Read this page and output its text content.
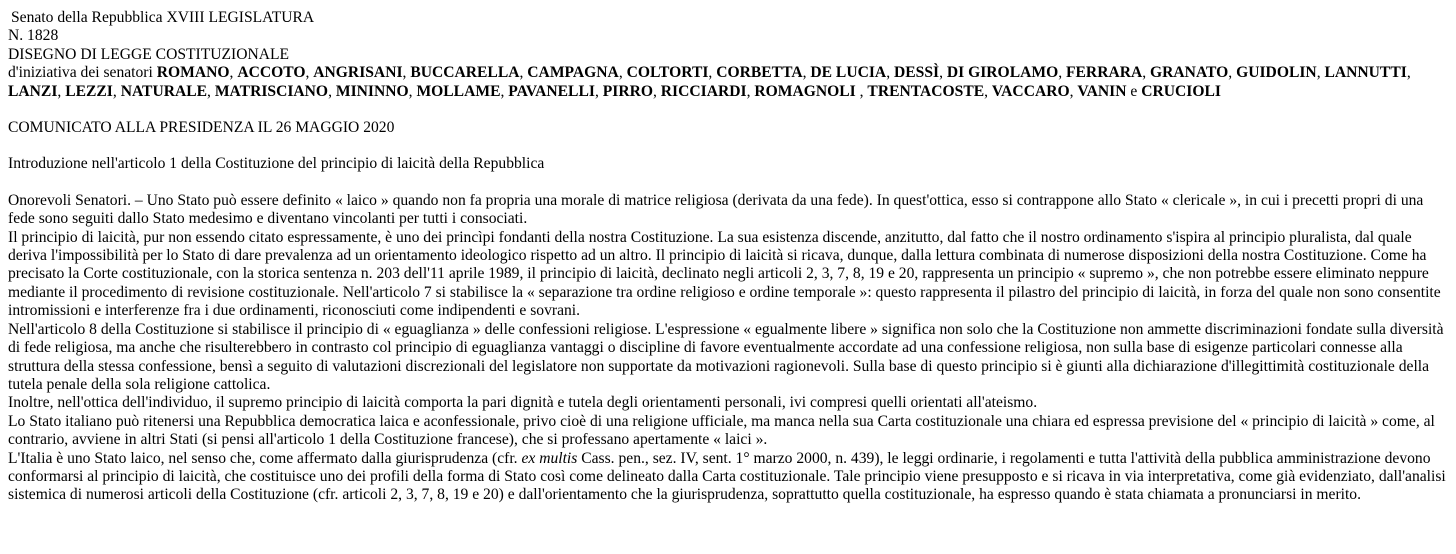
Senato della Repubblica XVIII LEGISLATURA
N. 1828
DISEGNO DI LEGGE COSTITUZIONALE
d'iniziativa dei senatori ROMANO, ACCOTO, ANGRISANI, BUCCARELLA, CAMPAGNA, COLTORTI, CORBETTA, DE LUCIA, DESSÌ, DI GIROLAMO, FERRARA, GRANATO, GUIDOLIN, LANNUTTI, LANZI, LEZZI, NATURALE, MATRISCIANO, MININNO, MOLLAME, PAVANELLI, PIRRO, RICCIARDI, ROMAGNOLI , TRENTACOSTE, VACCARO, VANIN e CRUCIOLI
COMUNICATO ALLA PRESIDENZA IL 26 MAGGIO 2020
Introduzione nell'articolo 1 della Costituzione del principio di laicità della Repubblica

Onorevoli Senatori. – Uno Stato può essere definito « laico » quando non fa propria una morale di matrice religiosa (derivata da una fede). In quest'ottica, esso si contrappone allo Stato « clericale », in cui i precetti propri di una fede sono seguiti dallo Stato medesimo e diventano vincolanti per tutti i consociati.

Il principio di laicità, pur non essendo citato espressamente, è uno dei princìpi fondanti della nostra Costituzione. La sua esistenza discende, anzitutto, dal fatto che il nostro ordinamento s'ispira al principio pluralista, dal quale deriva l'impossibilità per lo Stato di dare prevalenza ad un orientamento ideologico rispetto ad un altro. Il principio di laicità si ricava, dunque, dalla lettura combinata di numerose disposizioni della nostra Costituzione. Come ha precisato la Corte costituzionale, con la storica sentenza n. 203 dell'11 aprile 1989, il principio di laicità, declinato negli articoli 2, 3, 7, 8, 19 e 20, rappresenta un principio « supremo », che non potrebbe essere eliminato neppure mediante il procedimento di revisione costituzionale. Nell'articolo 7 si stabilisce la « separazione tra ordine religioso e ordine temporale »: questo rappresenta il pilastro del principio di laicità, in forza del quale non sono consentite intromissioni e interferenze fra i due ordinamenti, riconosciuti come indipendenti e sovrani.

Nell'articolo 8 della Costituzione si stabilisce il principio di « eguaglianza » delle confessioni religiose. L'espressione « egualmente libere » significa non solo che la Costituzione non ammette discriminazioni fondate sulla diversità di fede religiosa, ma anche che risulterebbero in contrasto col principio di eguaglianza vantaggi o discipline di favore eventualmente accordate ad una confessione religiosa, non sulla base di esigenze particolari connesse alla struttura della stessa confessione, bensì a seguito di valutazioni discrezionali del legislatore non supportate da motivazioni ragionevoli. Sulla base di questo principio si è giunti alla dichiarazione d'illegittimità costituzionale della tutela penale della sola religione cattolica.

Inoltre, nell'ottica dell'individuo, il supremo principio di laicità comporta la pari dignità e tutela degli orientamenti personali, ivi compresi quelli orientati all'ateismo.

Lo Stato italiano può ritenersi una Repubblica democratica laica e aconfessionale, privo cioè di una religione ufficiale, ma manca nella sua Carta costituzionale una chiara ed espressa previsione del « principio di laicità » come, al contrario, avviene in altri Stati (si pensi all'articolo 1 della Costituzione francese), che si professano apertamente « laici ».

L'Italia è uno Stato laico, nel senso che, come affermato dalla giurisprudenza (cfr. ex multis Cass. pen., sez. IV, sent. 1° marzo 2000, n. 439), le leggi ordinarie, i regolamenti e tutta l'attività della pubblica amministrazione devono conformarsi al principio di laicità, che costituisce uno dei profili della forma di Stato così come delineato dalla Carta costituzionale. Tale principio viene presupposto e si ricava in via interpretativa, come già evidenziato, dall'analisi sistemica di numerosi articoli della Costituzione (cfr. articoli 2, 3, 7, 8, 19 e 20) e dall'orientamento che la giurisprudenza, soprattutto quella costituzionale, ha espresso quando è stata chiamata a pronunciarsi in merito.
